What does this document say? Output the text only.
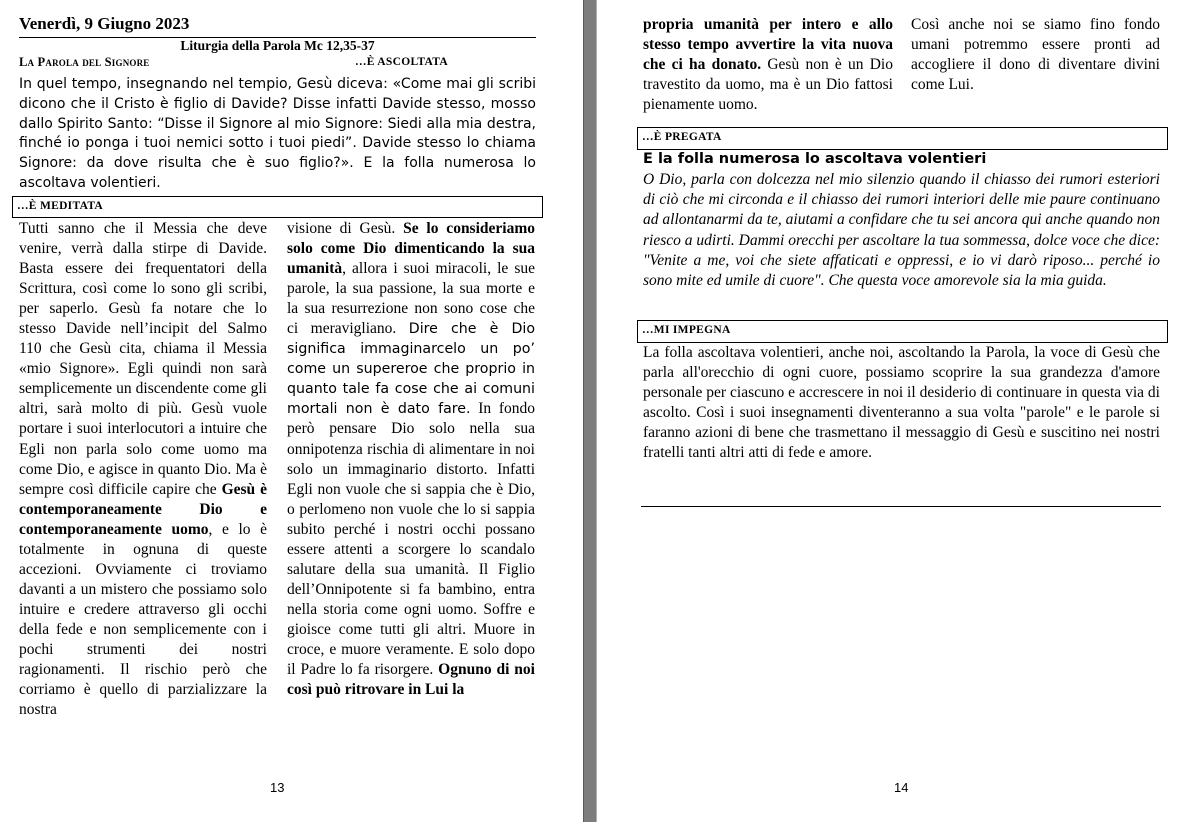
Venerdì, 9 Giugno 2023
Liturgia della Parola Mc 12,35-37
La Parola del Signore	…È ASCOLTATA
In quel tempo, insegnando nel tempio, Gesù diceva: «Come mai gli scribi dicono che il Cristo è figlio di Davide? Disse infatti Davide stesso, mosso dallo Spirito Santo: “Disse il Signore al mio Signore: Siedi alla mia destra, finché io ponga i tuoi nemici sotto i tuoi piedi”. Davide stesso lo chiama Signore: da dove risulta che è suo figlio?». E la folla numerosa lo ascoltava volentieri.
…È MEDITATA
Tutti sanno che il Messia che deve venire, verrà dalla stirpe di Davide. Basta essere dei frequentatori della Scrittura, così come lo sono gli scribi, per saperlo. Gesù fa notare che lo stesso Davide nell’incipit del Salmo 110 che Gesù cita, chiama il Messia «mio Signore». Egli quindi non sarà semplicemente un discendente come gli altri, sarà molto di più. Gesù vuole portare i suoi interlocutori a intuire che Egli non parla solo come uomo ma come Dio, e agisce in quanto Dio. Ma è sempre così difficile capire che Gesù è contemporaneamente Dio e contemporaneamente uomo, e lo è totalmente in ognuna di queste accezioni. Ovviamente ci troviamo davanti a un mistero che possiamo solo intuire e credere attraverso gli occhi della fede e non semplicemente con i pochi strumenti dei nostri ragionamenti. Il rischio però che corriamo è quello di parzializzare la nostra
visione di Gesù. Se lo consideriamo solo come Dio dimenticando la sua umanità, allora i suoi miracoli, le sue parole, la sua passione, la sua morte e la sua resurrezione non sono cose che ci meravigliano. Dire che è Dio significa immaginarcelo un po’ come un supereroe che proprio in quanto tale fa cose che ai comuni mortali non è dato fare. In fondo però pensare Dio solo nella sua onnipotenza rischia di alimentare in noi solo un immaginario distorto. Infatti Egli non vuole che si sappia che è Dio, o perlomeno non vuole che lo si sappia subito perché i nostri occhi possano essere attenti a scorgere lo scandalo salutare della sua umanità. Il Figlio dell’Onnipotente si fa bambino, entra nella storia come ogni uomo. Soffre e gioisce come tutti gli altri. Muore in croce, e muore veramente. E solo dopo il Padre lo fa risorgere. Ognuno di noi così può ritrovare in Lui la
13
propria umanità per intero e allo stesso tempo avvertire la vita nuova che ci ha donato. Gesù non è un Dio travestito da uomo, ma è un Dio fattosi pienamente uomo.
Così anche noi se siamo fino fondo umani potremmo essere pronti ad accogliere il dono di diventare divini come Lui.
…È PREGATA
E la folla numerosa lo ascoltava volentieri
O Dio, parla con dolcezza nel mio silenzio quando il chiasso dei rumori esteriori di ciò che mi circonda e il chiasso dei rumori interiori delle mie paure continuano ad allontanarmi da te, aiutami a confidare che tu sei ancora qui anche quando non riesco a udirti. Dammi orecchi per ascoltare la tua sommessa, dolce voce che dice: "Venite a me, voi che siete affaticati e oppressi, e io vi darò riposo... perché io sono mite ed umile di cuore". Che questa voce amorevole sia la mia guida.
…MI IMPEGNA
La folla ascoltava volentieri, anche noi, ascoltando la Parola, la voce di Gesù che parla all'orecchio di ogni cuore, possiamo scoprire la sua grandezza d'amore personale per ciascuno e accrescere in noi il desiderio di continuare in questa via di ascolto. Così i suoi insegnamenti diventeranno a sua volta "parole" e le parole si faranno azioni di bene che trasmettano il messaggio di Gesù e suscitino nei nostri fratelli tanti altri atti di fede e amore.
14
